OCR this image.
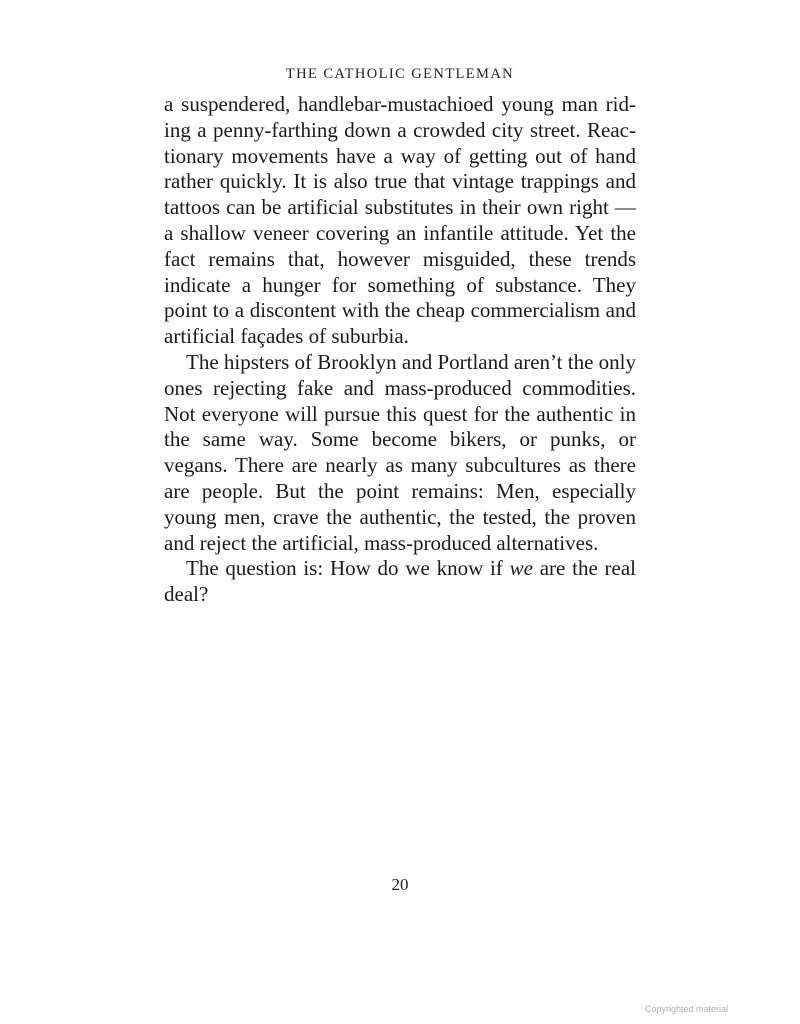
THE CATHOLIC GENTLEMAN

a suspendered, handlebar-mustachioed young man riding a penny-farthing down a crowded city street. Reactionary movements have a way of getting out of hand rather quickly. It is also true that vintage trappings and tattoos can be artificial substitutes in their own right —a shallow veneer covering an infantile attitude. Yet the fact remains that, however misguided, these trends indicate a hunger for something of substance. They point to a discontent with the cheap commercialism and artificial façades of suburbia.

The hipsters of Brooklyn and Portland aren’t the only ones rejecting fake and mass-produced commodities. Not everyone will pursue this quest for the authentic in the same way. Some become bikers, or punks, or vegans. There are nearly as many subcultures as there are people. But the point remains: Men, especially young men, crave the authentic, the tested, the proven and reject the artificial, mass-produced alternatives.

The question is: How do we know if we are the real deal?

20
Copyrighted material
